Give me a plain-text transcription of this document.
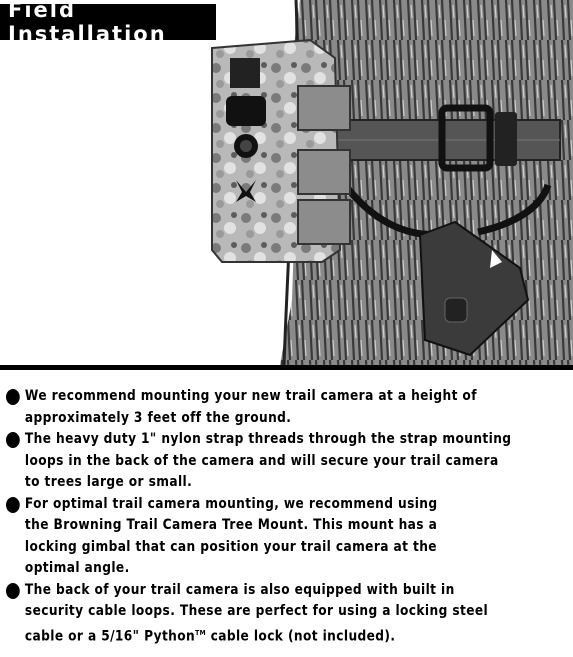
Field Installation
We recommend mounting your new trail camera at a height of
approximately 3 feet off the ground.
The heavy duty 1" nylon strap threads through the strap mounting
loops in the back of the camera and will secure your trail camera
to trees large or small.
For optimal trail camera mounting, we recommend using
the Browning Trail Camera Tree Mount. This mount has a
locking gimbal that can position your trail camera at the
optimal angle.
The back of your trail camera is also equipped with built in
security cable loops. These are perfect for using a locking steel
cable or a 5/16" Python™ cable lock (not included).
